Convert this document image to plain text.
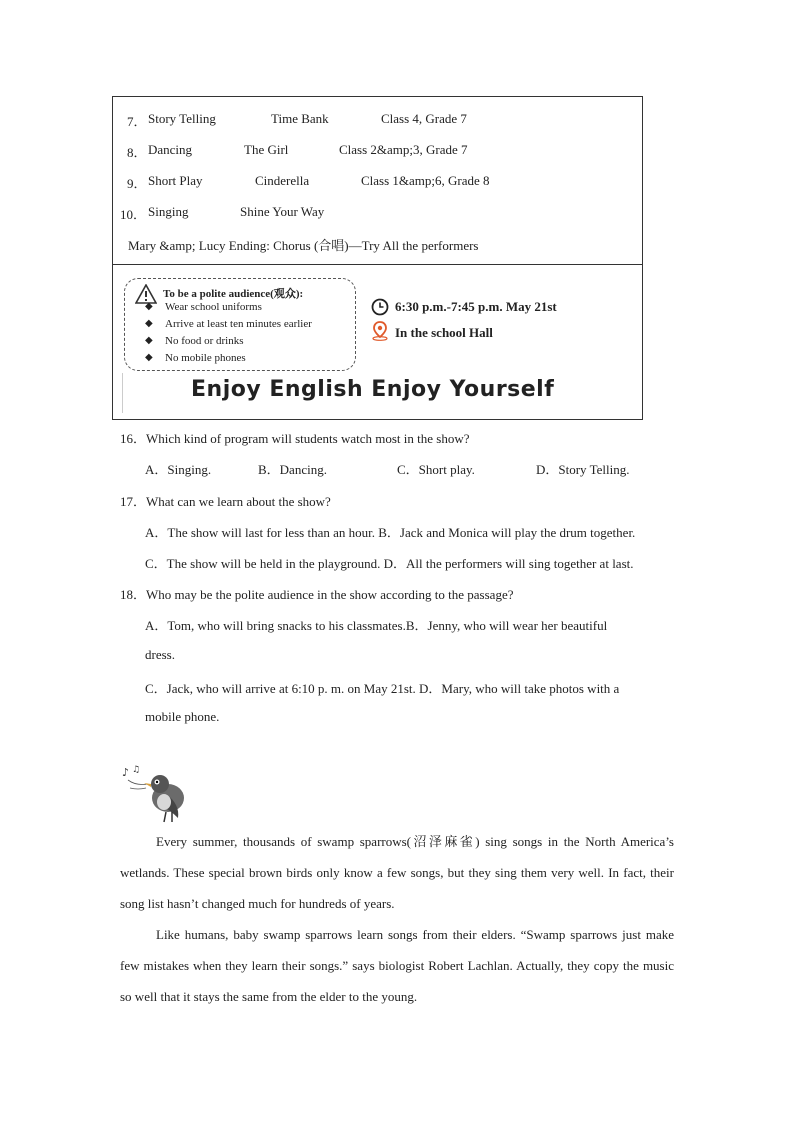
7． Story Telling	Time Bank	Class 4, Grade 7
8． Dancing	The Girl	Class 2&amp;3, Grade 7
9． Short Play	Cinderella	Class 1&amp;6, Grade 8
10． Singing	Shine Your Way
Mary &amp; Lucy Ending: Chorus (合唱)—Try All the performers
To be a polite audience(观众):
◆ Wear school uniforms
◆ Arrive at least ten minutes earlier
◆ No food or drinks
◆ No mobile phones
6:30 p.m.-7:45 p.m. May 21st
In the school Hall
Enjoy English Enjoy Yourself
16．Which kind of program will students watch most in the show?
A．Singing.	B．Dancing.	C．Short play.	D．Story Telling.
17．What can we learn about the show?
A．The show will last for less than an hour. B．Jack and Monica will play the drum together.
C．The show will be held in the playground. D．All the performers will sing together at last.
18．Who may be the polite audience in the show according to the passage?
A．Tom, who will bring snacks to his classmates.B．Jenny, who will wear her beautiful
dress.
C．Jack, who will arrive at 6:10 p. m. on May 21st. D．Mary, who will take photos with a
mobile phone.
♪ ♫
Every summer, thousands of swamp sparrows(沼泽麻雀) sing songs in the North America’s wetlands. These special brown birds only know a few songs, but they sing them very well. In fact, their song list hasn’t changed much for hundreds of years.
Like humans, baby swamp sparrows learn songs from their elders. “Swamp sparrows just make few mistakes when they learn their songs.” says biologist Robert Lachlan. Actually, they copy the music so well that it stays the same from the elder to the young.
